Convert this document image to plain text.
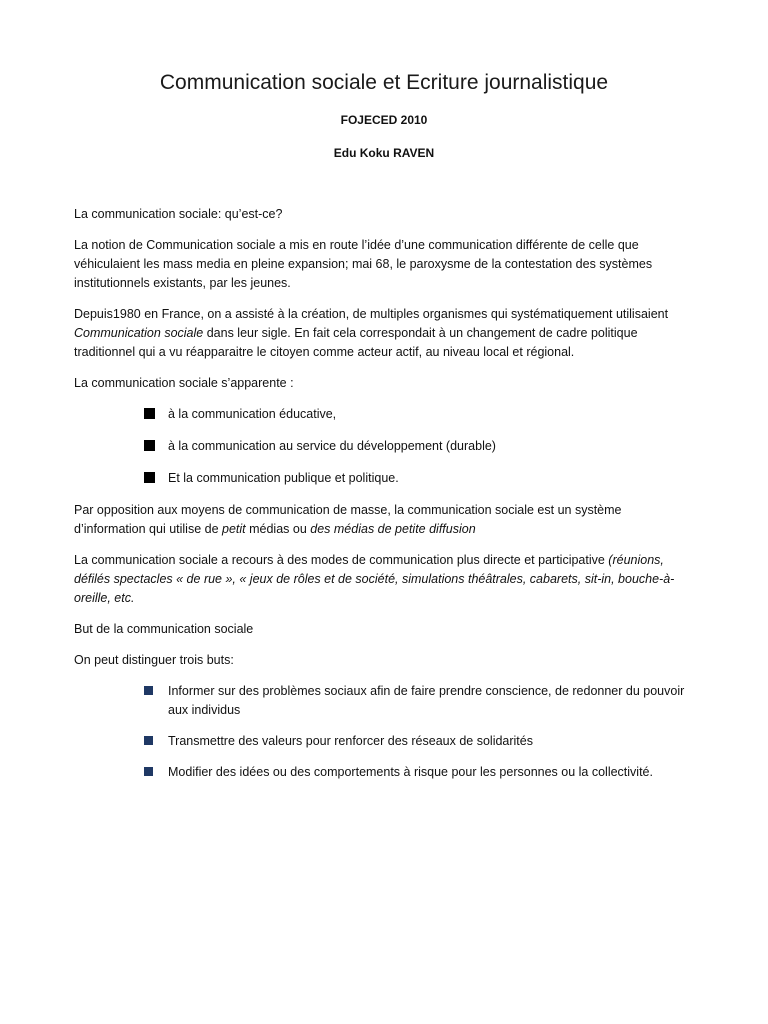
Communication sociale et Ecriture journalistique
FOJECED 2010
Edu Koku RAVEN

La communication sociale: qu’est-ce?

La notion de Communication sociale a mis en route l’idée d’une communication différente de celle que véhiculaient les mass media en pleine expansion; mai 68, le paroxysme de la contestation des systèmes institutionnels existants, par les jeunes.

Depuis1980 en France, on a assisté à la création, de multiples organismes qui systématiquement utilisaient Communication sociale dans leur sigle. En fait cela correspondait à un changement de cadre politique traditionnel qui a vu réapparaitre le citoyen comme acteur actif, au niveau local et régional.

La communication sociale s’apparente :

à la communication éducative,
à la communication au service du développement (durable)
Et la communication publique et politique.

Par opposition aux moyens de communication de masse, la communication sociale est un système d’information qui utilise de petit médias ou des médias de petite diffusion

La communication sociale a recours à des modes de communication plus directe et participative (réunions, défilés spectacles « de rue », « jeux de rôles et de société, simulations théâtrales, cabarets, sit-in, bouche-à-oreille, etc.

But de la communication sociale

On peut distinguer trois buts:

Informer sur des problèmes sociaux afin de faire prendre conscience, de redonner du pouvoir aux individus
Transmettre des valeurs pour renforcer des réseaux de solidarités
Modifier des idées ou des comportements à risque pour les personnes ou la collectivité.
